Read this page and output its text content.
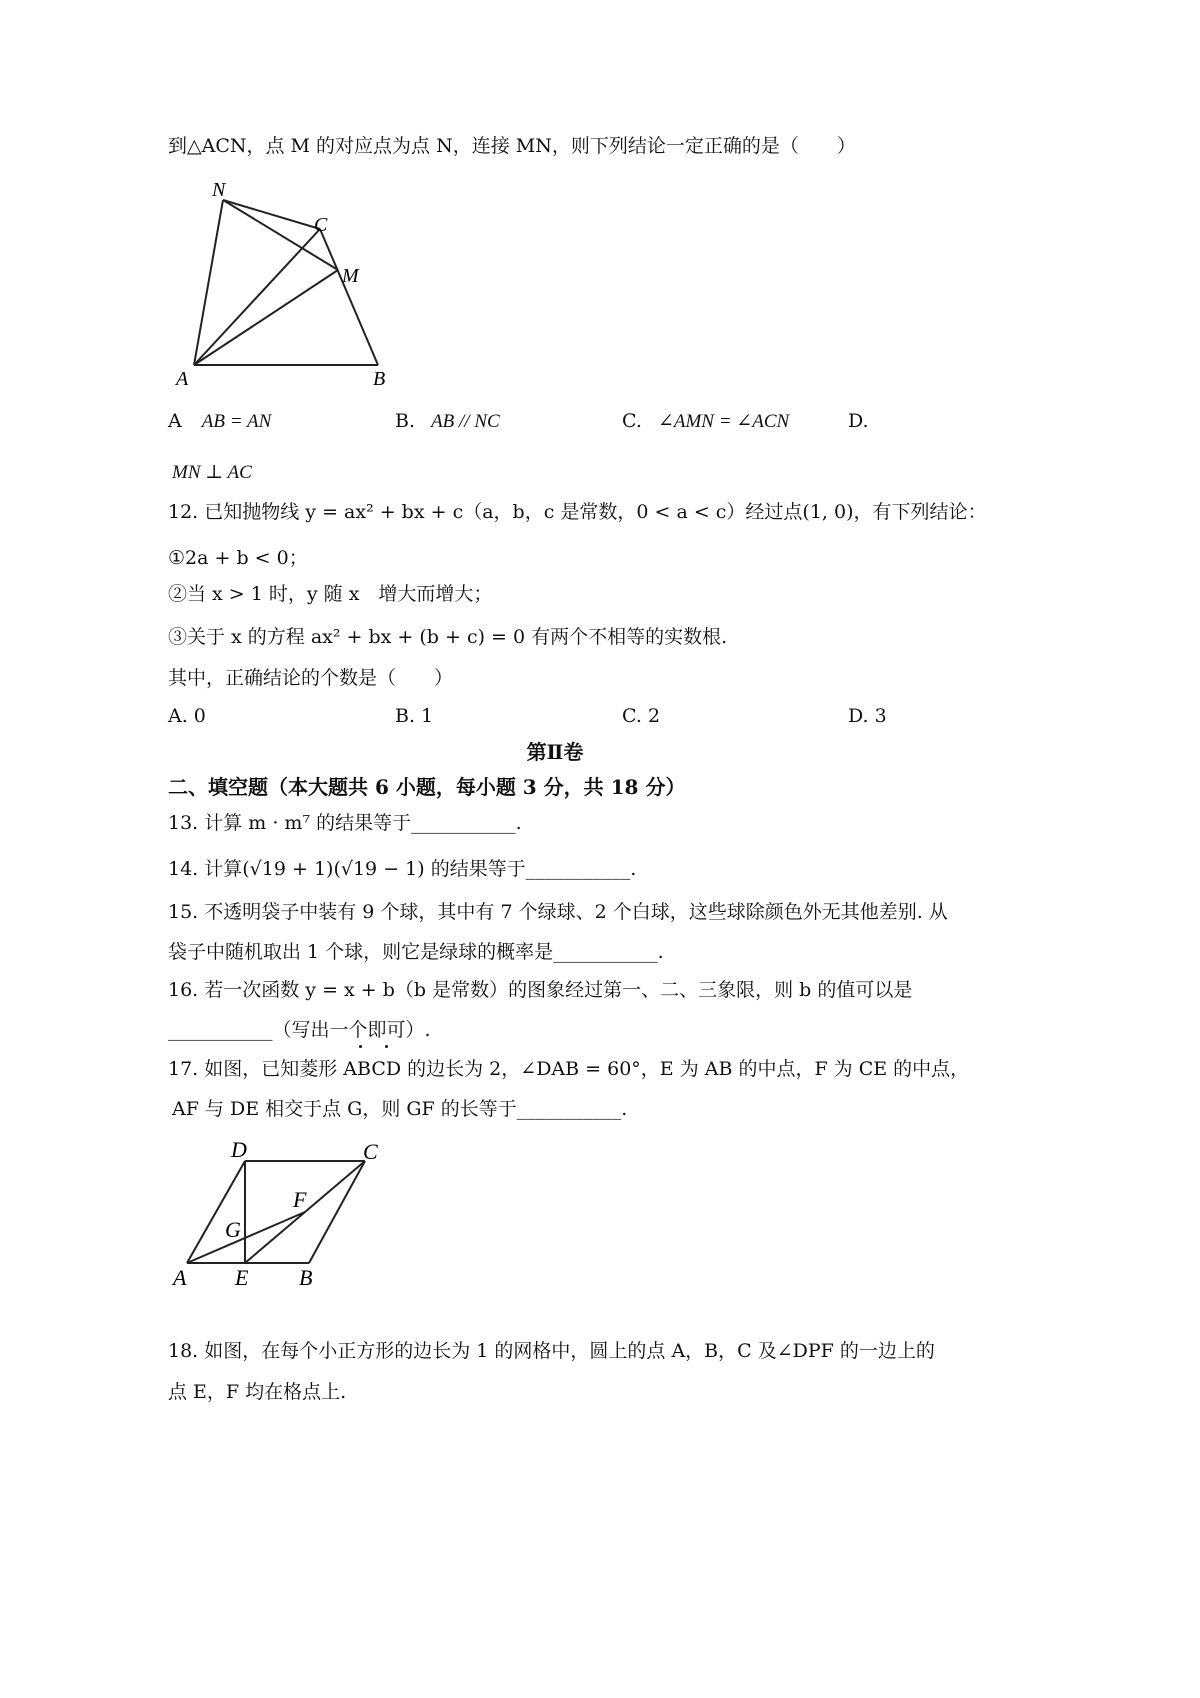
到△ACN，点 M 的对应点为点 N，连接 MN，则下列结论一定正确的是（　　）
N
C
M
A	B
A AB = AN	B. AB // NC	C. ∠AMN = ∠ACN	D.
MN ⊥ AC
12. 已知抛物线 y = ax² + bx + c（a，b，c 是常数，0 < a < c）经过点(1, 0)，有下列结论：
①2a + b < 0；
②当 x > 1 时，y 随 x　增大而增大；
③关于 x 的方程 ax² + bx + (b + c) = 0 有两个不相等的实数根.
其中，正确结论的个数是（　　）
A. 0	B. 1	C. 2	D. 3
第Ⅱ卷
二、填空题（本大题共 6 小题，每小题 3 分，共 18 分）
13. 计算 m · m⁷ 的结果等于___________.
14. 计算(√19 + 1)(√19 − 1) 的结果等于___________.
15. 不透明袋子中装有 9 个球，其中有 7 个绿球、2 个白球，这些球除颜色外无其他差别. 从
袋子中随机取出 1 个球，则它是绿球的概率是___________.
16. 若一次函数 y = x + b（b 是常数）的图象经过第一、二、三象限，则 b 的值可以是
___________（写出一个即可）.
17. 如图，已知菱形 ABCD 的边长为 2，∠DAB = 60°，E 为 AB 的中点，F 为 CE 的中点，
AF 与 DE 相交于点 G，则 GF 的长等于___________.
D	C
F
G
A E B
18. 如图，在每个小正方形的边长为 1 的网格中，圆上的点 A，B，C 及∠DPF 的一边上的
点 E，F 均在格点上.
